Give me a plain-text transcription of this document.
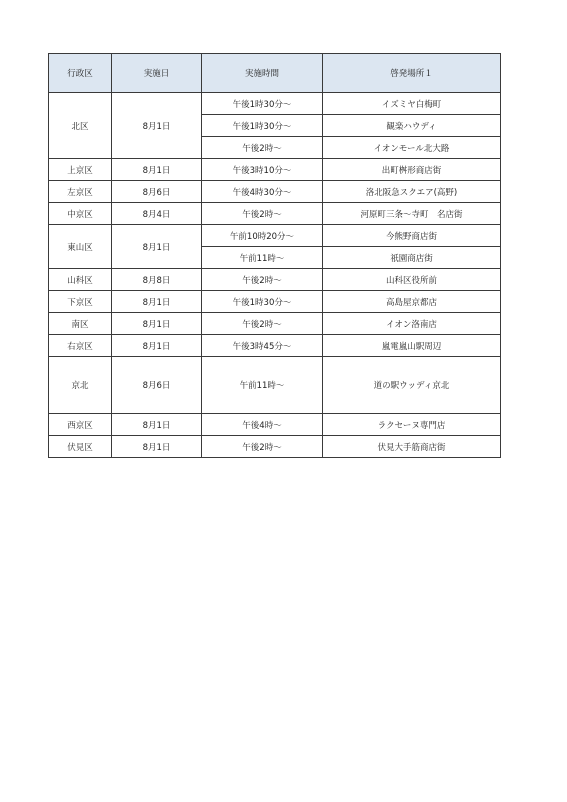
行政区	実施日	実施時間	啓発場所１
北区	8月1日	午後1時30分～	イズミヤ白梅町
		午後1時30分～	観楽ハウディ
		午後2時～	イオンモール北大路
上京区	8月1日	午後3時10分～	出町桝形商店街
左京区	8月6日	午後4時30分～	洛北阪急スクエア(高野)
中京区	8月4日	午後2時～	河原町三条～寺町　名店街
東山区	8月1日	午前10時20分～	今熊野商店街
		午前11時～	祇園商店街
山科区	8月8日	午後2時～	山科区役所前
下京区	8月1日	午後1時30分～	高島屋京都店
南区	8月1日	午後2時～	イオン洛南店
右京区	8月1日	午後3時45分～	嵐電嵐山駅周辺
京北	8月6日	午前11時～	道の駅ウッディ京北
西京区	8月1日	午後4時～	ラクセーヌ専門店
伏見区	8月1日	午後2時～	伏見大手筋商店街
